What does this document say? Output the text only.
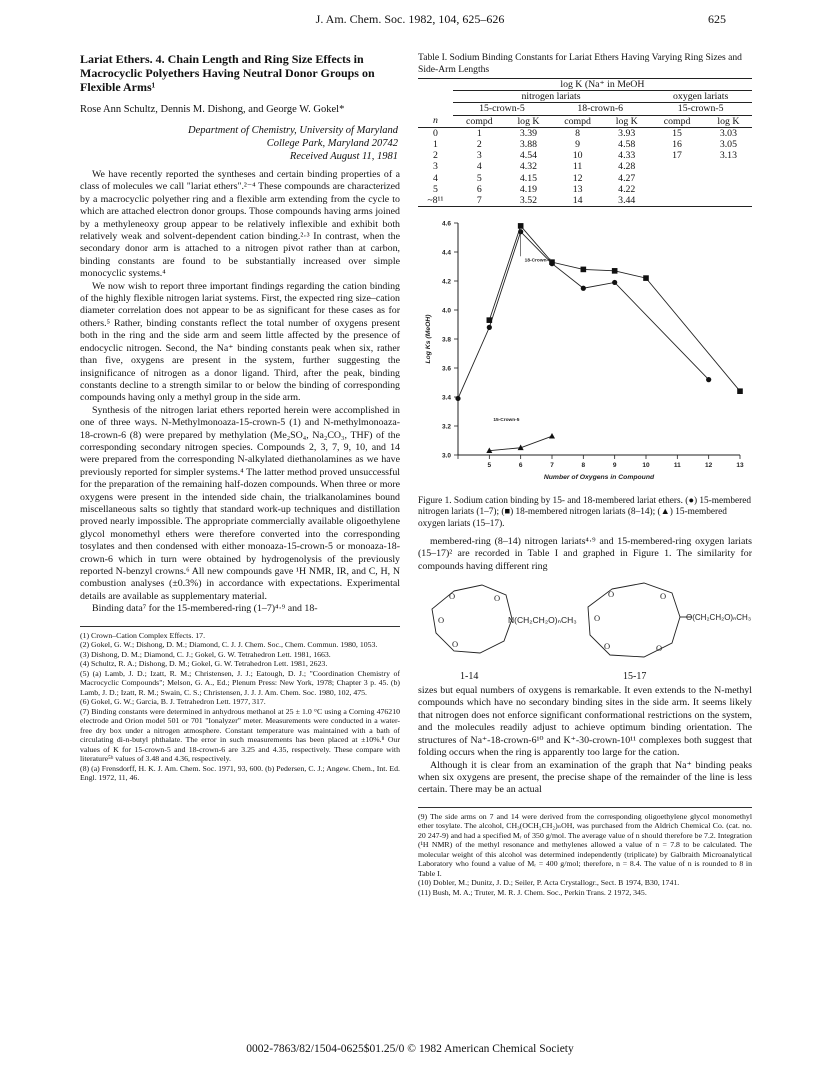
J. Am. Chem. Soc. 1982, 104, 625–626	625
Lariat Ethers. 4. Chain Length and Ring Size Effects in Macrocyclic Polyethers Having Neutral Donor Groups on Flexible Arms¹
Rose Ann Schultz, Dennis M. Dishong, and George W. Gokel*
Department of Chemistry, University of Maryland
College Park, Maryland 20742
Received August 11, 1981

We have recently reported the syntheses and certain binding properties of a class of molecules we call "lariat ethers".²⁻⁴ These compounds are characterized by a macrocyclic polyether ring and a flexible arm extending from the cycle to which are attached electron donor groups. Those compounds having arms joined by a methyleneoxy group appear to be relatively inflexible and exhibit both relatively weak and solvent-dependent cation binding.²·³ In contrast, when the secondary donor arm is attached to a nitrogen pivot rather than at carbon, binding constants are found to be substantially increased over simple monocyclic systems.⁴

We now wish to report three important findings regarding the cation binding of the highly flexible nitrogen lariat systems. First, the expected ring size–cation diameter correlation does not appear to be as significant for these cases as for others.⁵ Rather, binding constants reflect the total number of oxygens present both in the ring and the side arm and seem little affected by the presence of endocyclic nitrogen. Second, the Na⁺ binding constants peak when six, rather than five, oxygens are present in the system, further suggesting the insignificance of nitrogen as a donor ligand. Third, after the peak, binding constants decline to a strength similar to or below the binding of corresponding compounds having only a methyl group in the side arm.

Synthesis of the nitrogen lariat ethers reported herein were accomplished in one of three ways. N-Methylmonoaza-15-crown-5 (1) and N-methylmonoaza-18-crown-6 (8) were prepared by methylation (Me₂SO₄, Na₂CO₃, THF) of the corresponding secondary nitrogen species. Compounds 2, 3, 7, 9, 10, and 14 were prepared from the corresponding N-alkylated diethanolamines as we have previously reported for simpler systems.⁴ The latter method proved unsuccessful for the preparation of the remaining half-dozen compounds. When three or more oxygens were present in the intended side chain, the trialkanolamines bound miscellaneous salts so tightly that standard work-up techniques and distillation proved nearly impossible. The appropriate commercially available oligoethylene glycol monomethyl ethers were therefore converted into the corresponding tosylates and then condensed with either monoaza-15-crown-5 or monoaza-18-crown-6 which in turn were obtained by hydrogenolysis of the previously reported N-benzyl crowns.⁶ All new compounds gave ¹H NMR, IR, and C, H, N combustion analyses (±0.3%) in accordance with expectations. Experimental details are available as supplementary material.

Binding data⁷ for the 15-membered-ring (1–7)⁴·⁹ and 18-

(1) Crown–Cation Complex Effects. 17.
(2) Gokel, G. W.; Dishong, D. M.; Diamond, C. J. J. Chem. Soc., Chem. Commun. 1980, 1053.
(3) Dishong, D. M.; Diamond, C. J.; Gokel, G. W. Tetrahedron Lett. 1981, 1663.
(4) Schultz, R. A.; Dishong, D. M.; Gokel, G. W. Tetrahedron Lett. 1981, 2623.
(5) (a) Lamb, J. D.; Izatt, R. M.; Christensen, J. J.; Eatough, D. J.; "Coordination Chemistry of Macrocyclic Compounds"; Melson, G. A., Ed.; Plenum Press: New York, 1978; Chapter 3 p. 45. (b) Lamb, J. D.; Izatt, R. M.; Swain, C. S.; Christensen, J. J. J. Am. Chem. Soc. 1980, 102, 475.
(6) Gokel, G. W.; Garcia, B. J. Tetrahedron Lett. 1977, 317.
(7) Binding constants were determined in anhydrous methanol at 25 ± 1.0 °C using a Corning 476210 electrode and Orion model 501 or 701 "Ionalyzer" meter. Measurements were conducted in a water-free dry box under a nitrogen atmosphere. Constant temperature was maintained with a bath of circulating di-n-butyl phthalate. The error in such measurements has been placed at ±10%.⁸ Our values of K for 15-crown-5 and 18-crown-6 are 3.25 and 4.35, respectively. These compare with literature⁵ᵇ values of 3.48 and 4.36, respectively.
(8) (a) Frensdorff, H. K. J. Am. Chem. Soc. 1971, 93, 600. (b) Pedersen, C. J.; Angew. Chem., Int. Ed. Engl. 1972, 11, 46.
Table I. Sodium Binding Constants for Lariat Ethers Having Varying Ring Sizes and Side-Arm Lengths
	log K (Na⁺ in MeOH					
	nitrogen lariats				oxygen lariats	
	15-crown-5		18-crown-6		15-crown-5	
n	compd	log K	compd	log K	compd	log K
0	1	3.39	8	3.93	15	3.03
1	2	3.88	9	4.58	16	3.05
2	3	4.54	10	4.33	17	3.13
3	4	4.32	11	4.28		
4	5	4.15	12	4.27		
5	6	4.19	13	4.22		
~8¹¹	7	3.52	14	3.44		
5	6	7	8	9	10	11	12	13
3.0
3.2
3.4
3.6
3.8
4.0
4.2
4.4
4.6
Number of Oxygens in Compound
Log Ks (MeOH)
18-Crown-6
15-Crown-5
Figure 1. Sodium cation binding by 15- and 18-membered lariat ethers. (●) 15-membered nitrogen lariats (1–7); (■) 18-membered nitrogen lariats (8–14); (▲) 15-membered oxygen lariats (15–17).

membered-ring (8–14) nitrogen lariats⁴·⁹ and 15-membered-ring oxygen lariats (15–17)² are recorded in Table I and graphed in Figure 1. The similarity for compounds having different ring

O	O
O
O
O	O
O
O	O
N(CH₂CH₂O)ₙCH₃	O(CH₂CH₂O)ₙCH₃
1-14	15-17

sizes but equal numbers of oxygens is remarkable. It even extends to the N-methyl compounds which have no secondary binding sites in the side arm. It seems likely that nitrogen does not enforce significant conformational restrictions on the system, and the molecules readily adjust to achieve optimum binding orientation. The structures of Na⁺-18-crown-6¹⁰ and K⁺-30-crown-10¹¹ complexes both suggest that folding occurs when the ring is apparently too large for the cation.

Although it is clear from an examination of the graph that Na⁺ binding peaks when six oxygens are present, the precise shape of the remainder of the line is less certain. There may be an actual

(9) The side arms on 7 and 14 were derived from the corresponding oligoethylene glycol monomethyl ether tosylate. The alcohol, CH₃(OCH₂CH₂)ₙOH, was purchased from the Aldrich Chemical Co. (cat. no. 20 247-9) and had a specified Mᵣ of 350 g/mol. The average value of n should therefore be 7.2. Integration (¹H NMR) of the methyl resonance and methylenes allowed a value of n = 7.8 to be calculated. The molecular weight of this alcohol was determined independently (triplicate) by Galbraith Microanalytical Laboratory who found a value of Mᵣ = 400 g/mol; therefore, n = 8.4. The value of n is rounded to 8 in Table I.
(10) Dobler, M.; Dunitz, J. D.; Seiler, P. Acta Crystallogr., Sect. B 1974, B30, 1741.
(11) Bush, M. A.; Truter, M. R. J. Chem. Soc., Perkin Trans. 2 1972, 345.
0002-7863/82/1504-0625$01.25/0 © 1982 American Chemical Society
